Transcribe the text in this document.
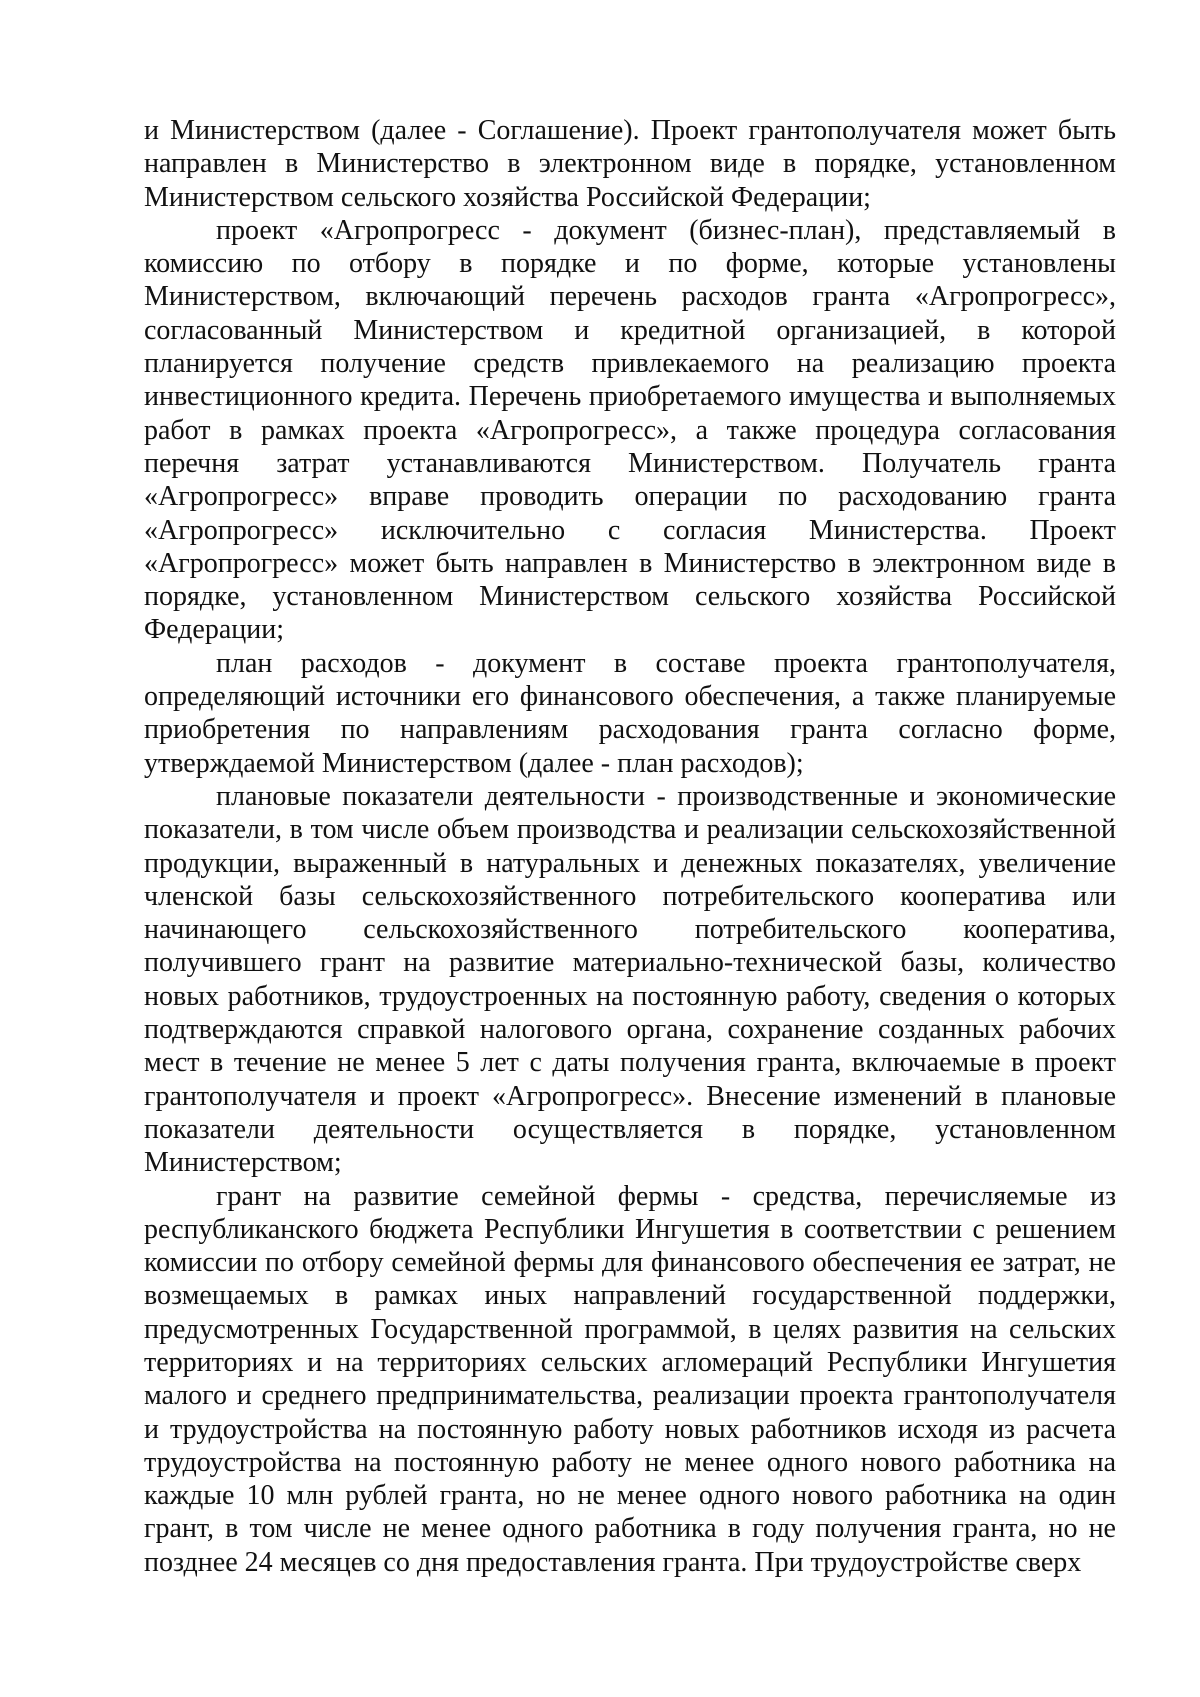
и Министерством (далее - Соглашение). Проект грантополучателя может быть направлен в Министерство в электронном виде в порядке, установленном Министерством сельского хозяйства Российской Федерации;

проект «Агропрогресс - документ (бизнес-план), представляемый в комиссию по отбору в порядке и по форме, которые установлены Министерством, включающий перечень расходов гранта «Агропрогресс», согласованный Министерством и кредитной организацией, в которой планируется получение средств привлекаемого на реализацию проекта инвестиционного кредита. Перечень приобретаемого имущества и выполняемых работ в рамках проекта «Агропрогресс», а также процедура согласования перечня затрат устанавливаются Министерством. Получатель гранта «Агропрогресс» вправе проводить операции по расходованию гранта «Агропрогресс» исключительно с согласия Министерства. Проект «Агропрогресс» может быть направлен в Министерство в электронном виде в порядке, установленном Министерством сельского хозяйства Российской Федерации;

план расходов - документ в составе проекта грантополучателя, определяющий источники его финансового обеспечения, а также планируемые приобретения по направлениям расходования гранта согласно форме, утверждаемой Министерством (далее - план расходов);

плановые показатели деятельности - производственные и экономические показатели, в том числе объем производства и реализации сельскохозяйственной продукции, выраженный в натуральных и денежных показателях, увеличение членской базы сельскохозяйственного потребительского кооператива или начинающего сельскохозяйственного потребительского кооператива, получившего грант на развитие материально-технической базы, количество новых работников, трудоустроенных на постоянную работу, сведения о которых подтверждаются справкой налогового органа, сохранение созданных рабочих мест в течение не менее 5 лет с даты получения гранта, включаемые в проект грантополучателя и проект «Агропрогресс». Внесение изменений в плановые показатели деятельности осуществляется в порядке, установленном Министерством;

грант на развитие семейной фермы - средства, перечисляемые из республиканского бюджета Республики Ингушетия в соответствии с решением комиссии по отбору семейной фермы для финансового обеспечения ее затрат, не возмещаемых в рамках иных направлений государственной поддержки, предусмотренных Государственной программой, в целях развития на сельских территориях и на территориях сельских агломераций Республики Ингушетия малого и среднего предпринимательства, реализации проекта грантополучателя и трудоустройства на постоянную работу новых работников исходя из расчета трудоустройства на постоянную работу не менее одного нового работника на каждые 10 млн рублей гранта, но не менее одного нового работника на один грант, в том числе не менее одного работника в году получения гранта, но не позднее 24 месяцев со дня предоставления гранта. При трудоустройстве сверх
